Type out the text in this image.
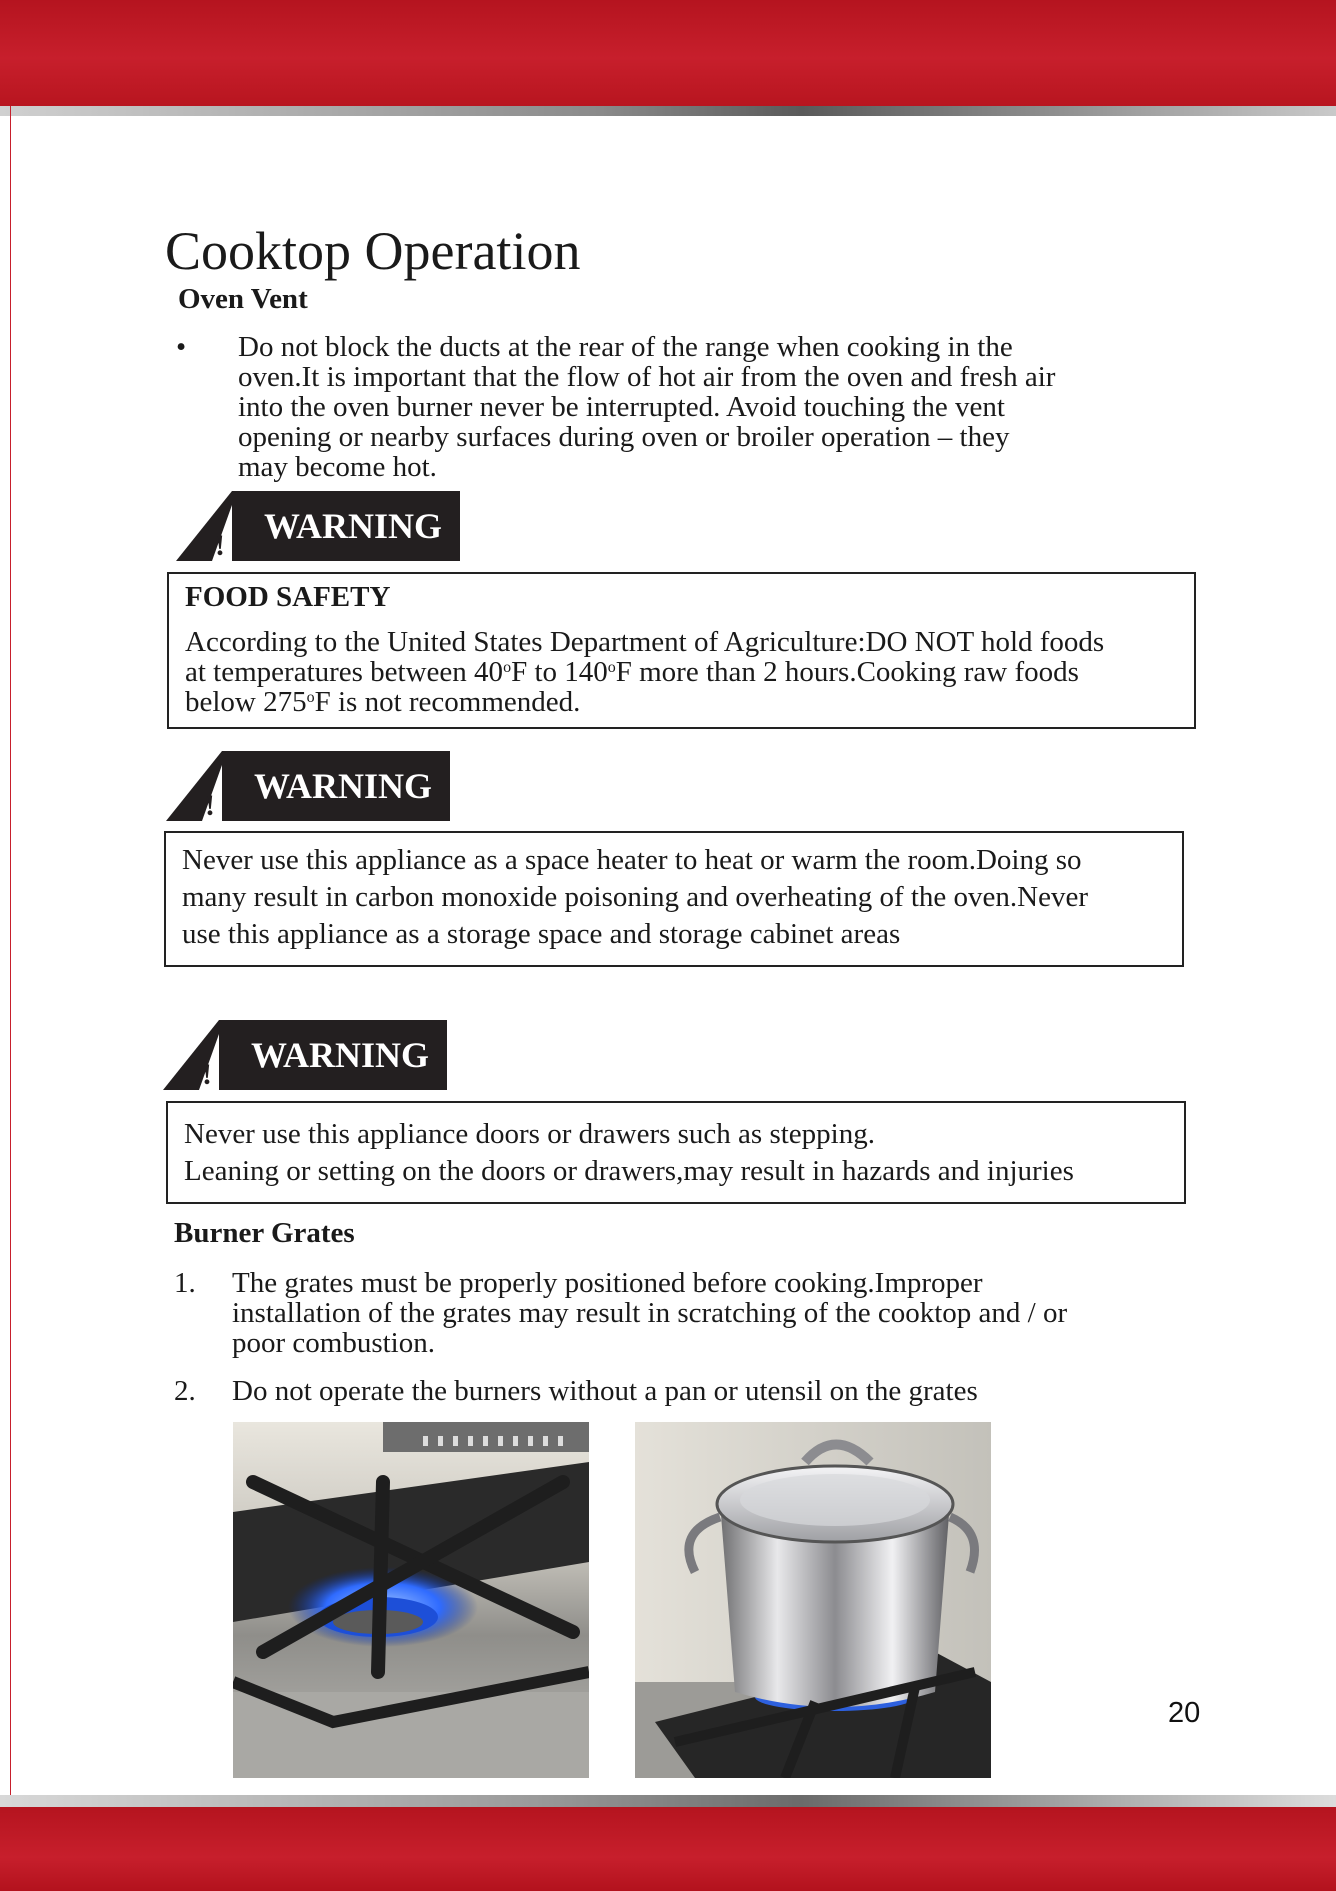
Cooktop Operation
Oven Vent
•	Do not block the ducts at the rear of the range when cooking in the
oven.It is important that the flow of hot air from the oven and fresh air
into the oven burner never be interrupted. Avoid touching the vent
opening or nearby surfaces during oven or broiler operation – they
may become hot.
!	WARNING
FOOD SAFETY
According to the United States Department of Agriculture:DO NOT hold foods
at temperatures between 40$^o$F to 140$^o$F more than 2 hours.Cooking raw foods
below 275$^o$F is not recommended.
!	WARNING
Never use this appliance as a space heater to heat or warm the room.Doing so
many result in carbon monoxide poisoning and overheating of the oven.Never
use this appliance as a storage space and storage cabinet areas
!	WARNING
Never use this appliance doors or drawers such as stepping.
Leaning or setting on the doors or drawers,may result in hazards and injuries
Burner Grates
1.	The grates must be properly positioned before cooking.Improper
installation of the grates may result in scratching of the cooktop and / or
poor combustion.
2.	Do not operate the burners without a pan or utensil on the grates
20
